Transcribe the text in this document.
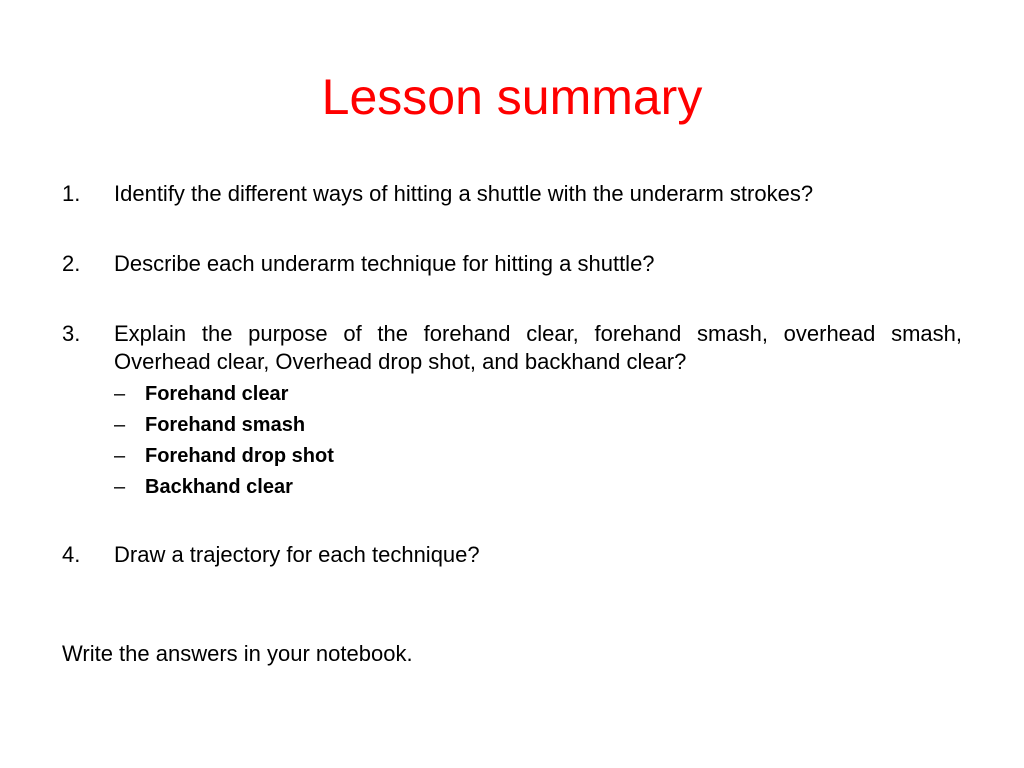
Lesson summary
1.	Identify the different ways of hitting a shuttle with the underarm strokes?
2.	Describe each underarm technique for hitting a shuttle?
3.	Explain the purpose of the forehand clear, forehand smash, overhead smash, Overhead clear, Overhead drop shot, and backhand clear?
– Forehand clear
– Forehand smash
– Forehand drop shot
– Backhand clear
4.	Draw a trajectory for each technique?

Write the answers in your notebook.
